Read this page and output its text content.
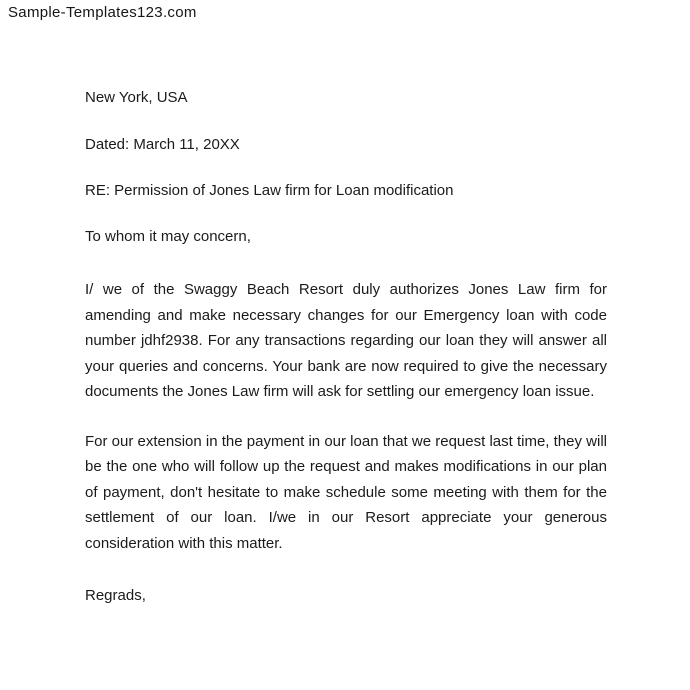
Sample-Templates123.com

New York, USA

Dated: March 11, 20XX

RE: Permission of Jones Law firm for Loan modification

To whom it may concern,

I/ we of the Swaggy Beach Resort duly authorizes Jones Law firm for amending and make necessary changes for our Emergency loan with code number jdhf2938. For any transactions regarding our loan they will answer all your queries and concerns. Your bank are now required to give the necessary documents the Jones Law firm will ask for settling our emergency loan issue.

For our extension in the payment in our loan that we request last time, they will be the one who will follow up the request and makes modifications in our plan of payment, don't hesitate to make schedule some meeting with them for the settlement of our loan. I/we in our Resort appreciate your generous consideration with this matter.

Regrads,
